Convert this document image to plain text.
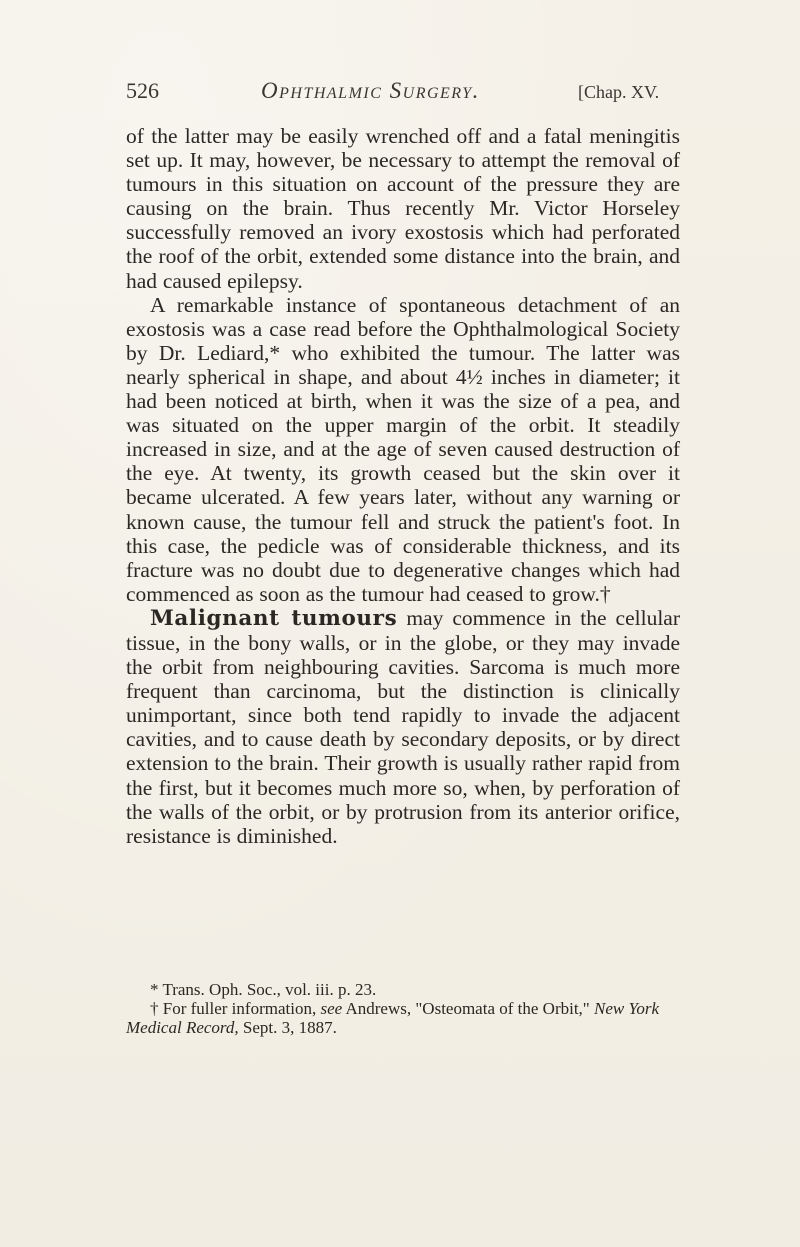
526	Ophthalmic Surgery.	[Chap. XV.

of the latter may be easily wrenched off and a fatal meningitis set up. It may, however, be necessary to attempt the removal of tumours in this situation on account of the pressure they are causing on the brain. Thus recently Mr. Victor Horseley successfully removed an ivory exostosis which had perforated the roof of the orbit, extended some distance into the brain, and had caused epilepsy.

A remarkable instance of spontaneous detachment of an exostosis was a case read before the Ophthalmological Society by Dr. Lediard,* who exhibited the tumour. The latter was nearly spherical in shape, and about 4½ inches in diameter; it had been noticed at birth, when it was the size of a pea, and was situated on the upper margin of the orbit. It steadily increased in size, and at the age of seven caused destruction of the eye. At twenty, its growth ceased but the skin over it became ulcerated. A few years later, without any warning or known cause, the tumour fell and struck the patient's foot. In this case, the pedicle was of considerable thickness, and its fracture was no doubt due to degenerative changes which had commenced as soon as the tumour had ceased to grow.†

Malignant tumours may commence in the cellular tissue, in the bony walls, or in the globe, or they may invade the orbit from neighbouring cavities. Sarcoma is much more frequent than carcinoma, but the distinction is clinically unimportant, since both tend rapidly to invade the adjacent cavities, and to cause death by secondary deposits, or by direct extension to the brain. Their growth is usually rather rapid from the first, but it becomes much more so, when, by perforation of the walls of the orbit, or by protrusion from its anterior orifice, resistance is diminished.

* Trans. Oph. Soc., vol. iii. p. 23.

† For fuller information, see Andrews, "Osteomata of the Orbit," New York Medical Record, Sept. 3, 1887.
